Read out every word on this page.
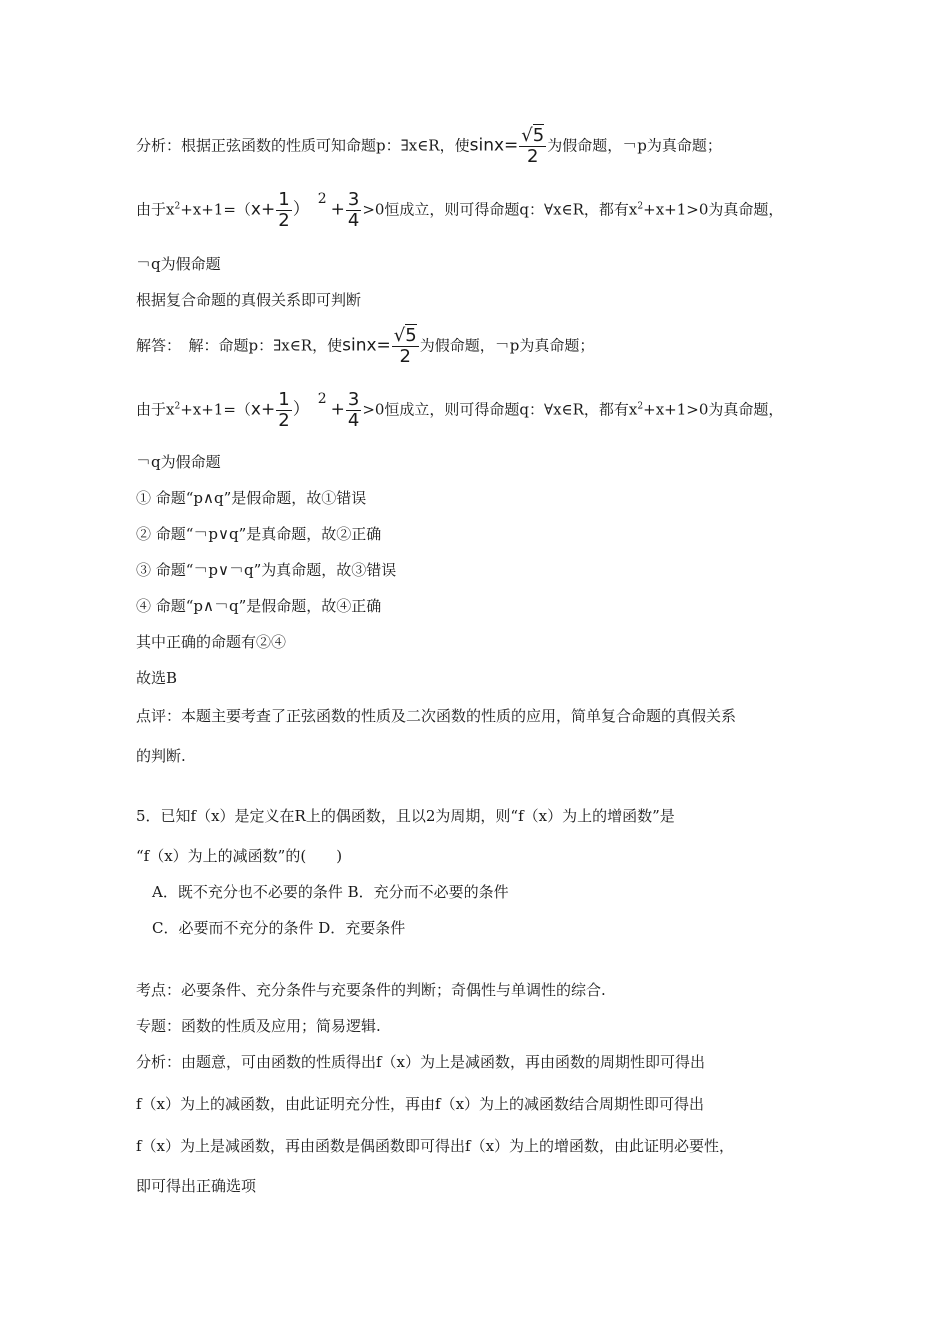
分析：根据正弦函数的性质可知命题p：∃x∈R，使$\sin x= \frac{√5}{2}$ 为假命题，￢p为真命题；
由于$x^2+x+1=(x+ \frac{1}{2} )2+ \frac{3}{4} >0$恒成立，则可得命题q：∀x∈R，都有$x^2+x+1>0$为真命题，
￢q为假命题
根据复合命题的真假关系即可判断
解答：　解：命题p：∃x∈R，使$\sin x= \frac{√5}{2}$ 为假命题，￢p为真命题；
由于$x^2+x+1=(x+ \frac{1}{2} )2+ \frac{3}{4} >0$恒成立，则可得命题q：∀x∈R，都有$x^2+x+1>0$为真命题，
￢q为假命题
① 命题“p∧q”是假命题，故①错误
② 命题“￢p∨q”是真命题，故②正确
③ 命题“￢p∨￢q”为真命题，故③错误
④ 命题“p∧￢q”是假命题，故④正确
其中正确的命题有②④
故选B
点评：本题主要考查了正弦函数的性质及二次函数的性质的应用，简单复合命题的真假关系
的判断.
5．已知f（x）是定义在R上的偶函数，且以2为周期，则“f（x）为上的增函数”是
“f（x）为上的减函数”的(　　)
A．既不充分也不必要的条件 B．充分而不必要的条件
C．必要而不充分的条件 D．充要条件
考点：必要条件、充分条件与充要条件的判断；奇偶性与单调性的综合.
专题：函数的性质及应用；简易逻辑.
分析：由题意，可由函数的性质得出f（x）为上是减函数，再由函数的周期性即可得出
f（x）为上的减函数，由此证明充分性，再由f（x）为上的减函数结合周期性即可得出
f（x）为上是减函数，再由函数是偶函数即可得出f（x）为上的增函数，由此证明必要性，
即可得出正确选项
